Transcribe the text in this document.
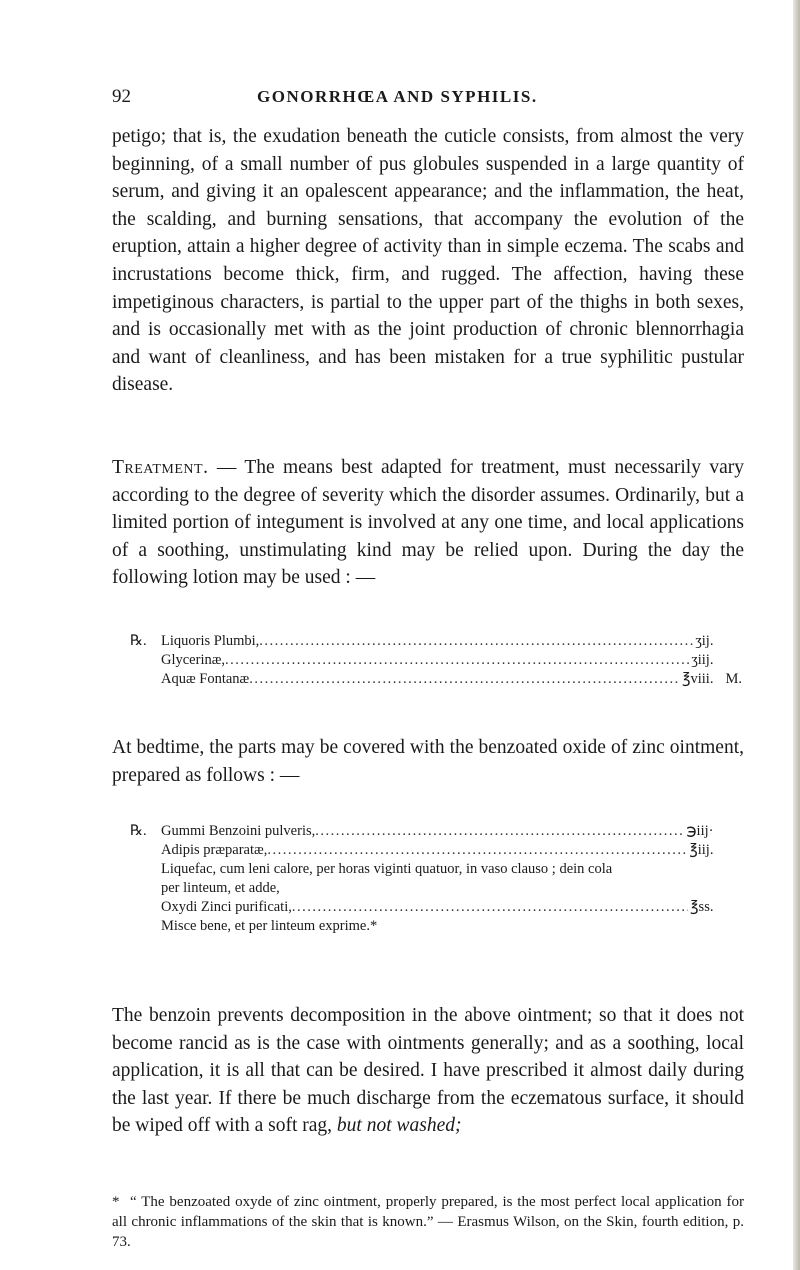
92	GONORRHŒA AND SYPHILIS.

petigo; that is, the exudation beneath the cuticle consists, from almost the very beginning, of a small number of pus globules suspended in a large quantity of serum, and giving it an opalescent appearance; and the inflammation, the heat, the scalding, and burning sensations, that accompany the evolution of the eruption, attain a higher degree of activity than in simple eczema. The scabs and incrustations become thick, firm, and rugged. The affection, having these impetiginous characters, is partial to the upper part of the thighs in both sexes, and is occasionally met with as the joint production of chronic blennorrhagia and want of cleanliness, and has been mistaken for a true syphilitic pustular disease.

Treatment. — The means best adapted for treatment, must necessarily vary according to the degree of severity which the disorder assumes. Ordinarily, but a limited portion of integument is involved at any one time, and local applications of a soothing, unstimulating kind may be relied upon. During the day the following lotion may be used : —

℞. Liquoris Plumbi, .....	ʒij.
Glycerinæ, .....	ʒiij.
Aquæ Fontanæ .....	℥viii. M.

At bedtime, the parts may be covered with the benzoated oxide of zinc ointment, prepared as follows : —

℞. Gummi Benzoini pulveris, .....	℈iij·
Adipis præparatæ, .....	℥iij.
Liquefac, cum leni calore, per horas viginti quatuor, in vaso clauso ; dein cola per linteum, et adde,
Oxydi Zinci purificati, .....	℥ss.
Misce bene, et per linteum exprime.*

The benzoin prevents decomposition in the above ointment; so that it does not become rancid as is the case with ointments generally; and as a soothing, local application, it is all that can be desired. I have prescribed it almost daily during the last year. If there be much discharge from the eczematous surface, it should be wiped off with a soft rag, but not washed;

* “ The benzoated oxyde of zinc ointment, properly prepared, is the most perfect local application for all chronic inflammations of the skin that is known.” — Erasmus Wilson, on the Skin, fourth edition, p. 73.
